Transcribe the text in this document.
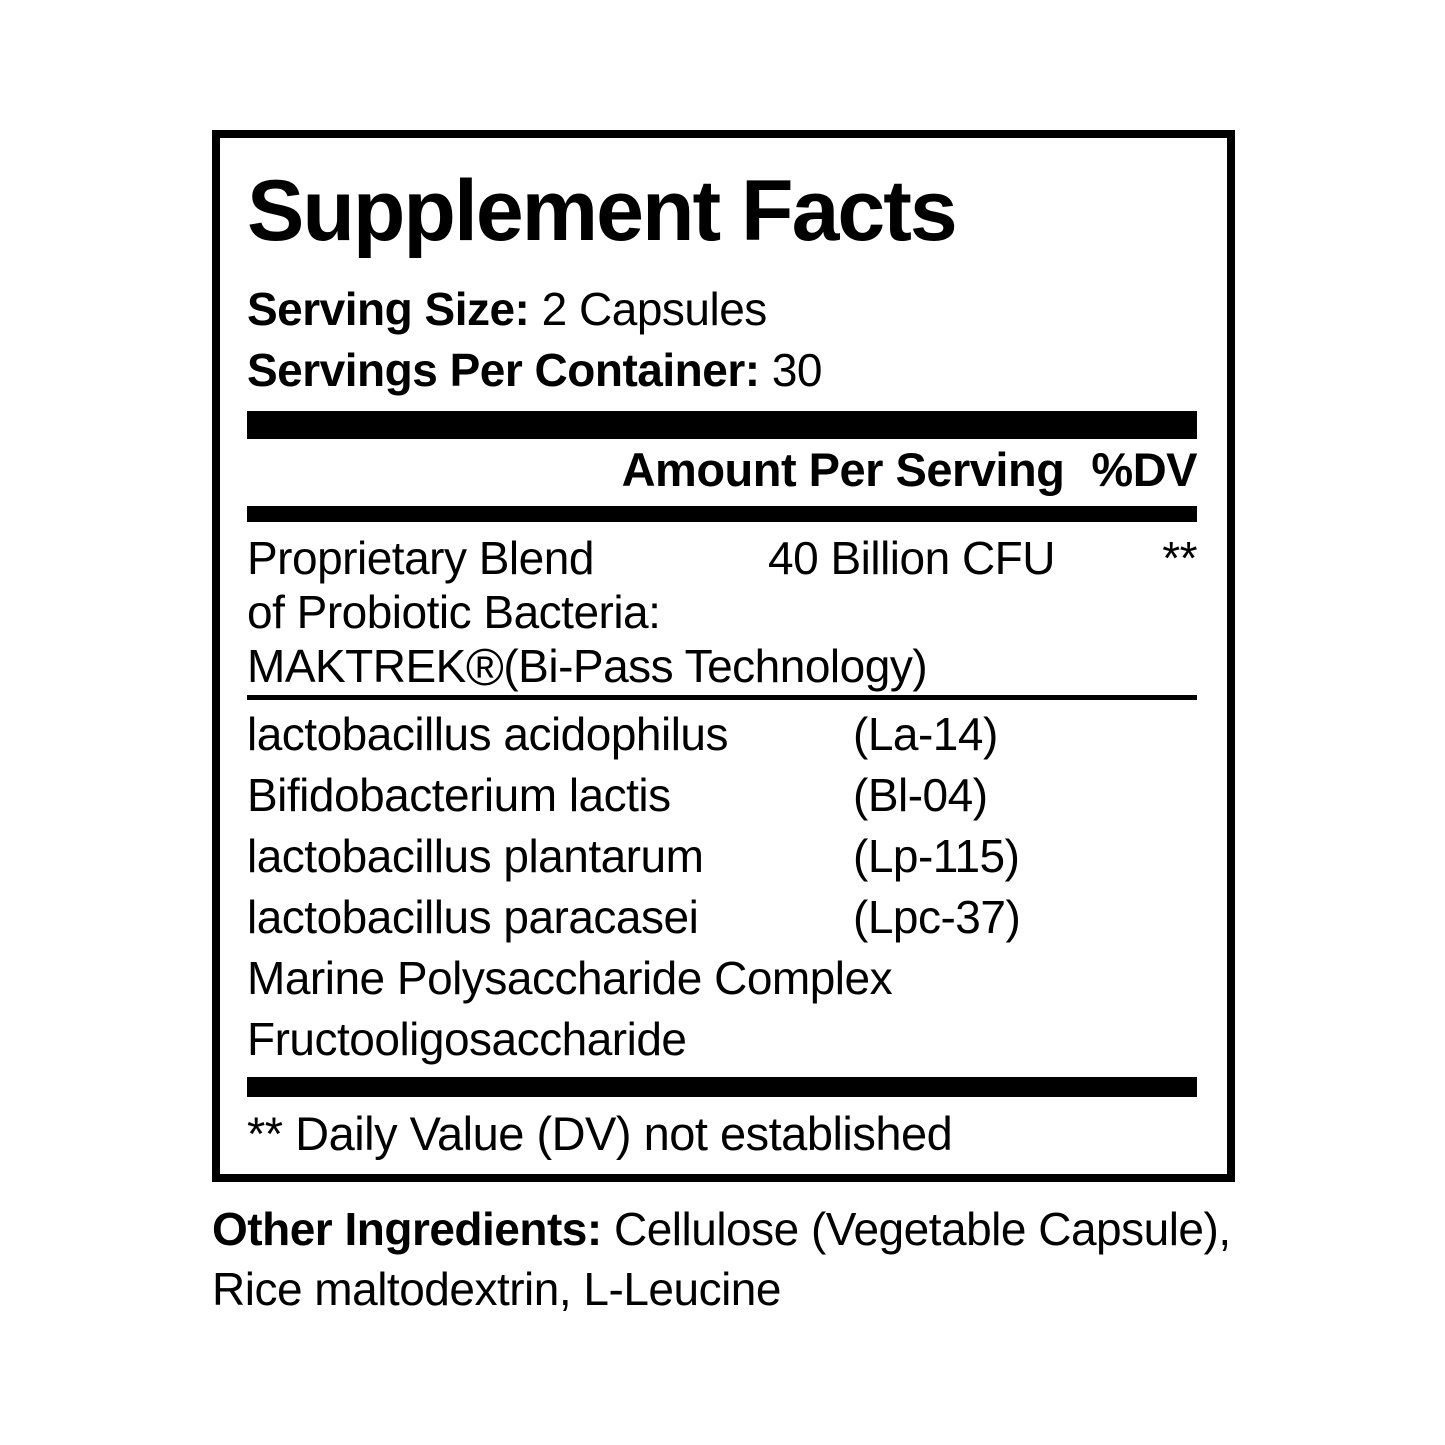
Supplement Facts
Serving Size: 2 Capsules
Servings Per Container: 30
Amount Per Serving %DV
Proprietary Blend	40 Billion CFU	**
of Probiotic Bacteria:
MAKTREK®(Bi-Pass Technology)
lactobacillus acidophilus	(La-14)
Bifidobacterium lactis	(Bl-04)
lactobacillus plantarum	(Lp-115)
lactobacillus paracasei	(Lpc-37)
Marine Polysaccharide Complex
Fructooligosaccharide
** Daily Value (DV) not established

Other Ingredients: Cellulose (Vegetable Capsule), Rice maltodextrin, L-Leucine
